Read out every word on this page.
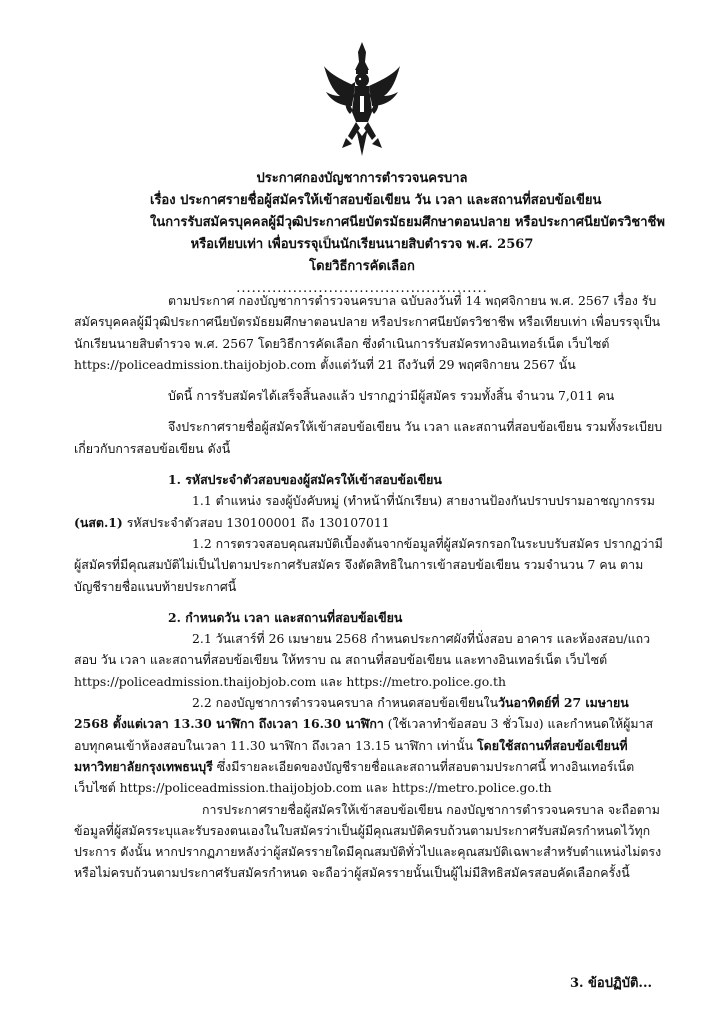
ประกาศกองบัญชาการตำรวจนครบาล
เรื่อง ประกาศรายชื่อผู้สมัครให้เข้าสอบข้อเขียน วัน เวลา และสถานที่สอบข้อเขียน
ในการรับสมัครบุคคลผู้มีวุฒิประกาศนียบัตรมัธยมศึกษาตอนปลาย หรือประกาศนียบัตรวิชาชีพ
หรือเทียบเท่า เพื่อบรรจุเป็นนักเรียนนายสิบตำรวจ พ.ศ. 2567
โดยวิธีการคัดเลือก
.................................................

ตามประกาศ กองบัญชาการตำรวจนครบาล ฉบับลงวันที่ 14 พฤศจิกายน พ.ศ. 2567 เรื่อง รับสมัครบุคคลผู้มีวุฒิประกาศนียบัตรมัธยมศึกษาตอนปลาย หรือประกาศนียบัตรวิชาชีพ หรือเทียบเท่า เพื่อบรรจุเป็นนักเรียนนายสิบตำรวจ พ.ศ. 2567 โดยวิธีการคัดเลือก ซึ่งดำเนินการรับสมัครทางอินเทอร์เน็ต เว็บไซต์ https://policeadmission.thaijobjob.com ตั้งแต่วันที่ 21 ถึงวันที่ 29 พฤศจิกายน 2567 นั้น

บัดนี้ การรับสมัครได้เสร็จสิ้นลงแล้ว ปรากฏว่ามีผู้สมัคร รวมทั้งสิ้น จำนวน 7,011 คน

จึงประกาศรายชื่อผู้สมัครให้เข้าสอบข้อเขียน วัน เวลา และสถานที่สอบข้อเขียน รวมทั้งระเบียบเกี่ยวกับการสอบข้อเขียน ดังนี้

1. รหัสประจำตัวสอบของผู้สมัครให้เข้าสอบข้อเขียน

1.1 ตำแหน่ง รองผู้บังคับหมู่ (ทำหน้าที่นักเรียน) สายงานป้องกันปราบปรามอาชญากรรม

(นสต.1) รหัสประจำตัวสอบ 130100001 ถึง 130107011

1.2 การตรวจสอบคุณสมบัติเบื้องต้นจากข้อมูลที่ผู้สมัครกรอกในระบบรับสมัคร ปรากฏว่ามีผู้สมัครที่มีคุณสมบัติไม่เป็นไปตามประกาศรับสมัคร จึงตัดสิทธิในการเข้าสอบข้อเขียน รวมจำนวน 7 คน ตามบัญชีรายชื่อแนบท้ายประกาศนี้

2. กำหนดวัน เวลา และสถานที่สอบข้อเขียน

2.1 วันเสาร์ที่ 26 เมษายน 2568 กำหนดประกาศผังที่นั่งสอบ อาคาร และห้องสอบ/แถวสอบ วัน เวลา และสถานที่สอบข้อเขียน ให้ทราบ ณ สถานที่สอบข้อเขียน และทางอินเทอร์เน็ต เว็บไซต์ https://policeadmission.thaijobjob.com และ https://metro.police.go.th

2.2 กองบัญชาการตำรวจนครบาล กำหนดสอบข้อเขียนในวันอาทิตย์ที่ 27 เมษายน 2568 ตั้งแต่เวลา 13.30 นาฬิกา ถึงเวลา 16.30 นาฬิกา (ใช้เวลาทำข้อสอบ 3 ชั่วโมง) และกำหนดให้ผู้มาสอบทุกคนเข้าห้องสอบในเวลา 11.30 นาฬิกา ถึงเวลา 13.15 นาฬิกา เท่านั้น โดยใช้สถานที่สอบข้อเขียนที่มหาวิทยาลัยกรุงเทพธนบุรี ซึ่งมีรายละเอียดของบัญชีรายชื่อและสถานที่สอบตามประกาศนี้ ทางอินเทอร์เน็ต เว็บไซต์ https://policeadmission.thaijobjob.com และ https://metro.police.go.th

การประกาศรายชื่อผู้สมัครให้เข้าสอบข้อเขียน กองบัญชาการตำรวจนครบาล จะถือตามข้อมูลที่ผู้สมัครระบุและรับรองตนเองในใบสมัครว่าเป็นผู้มีคุณสมบัติครบถ้วนตามประกาศรับสมัครกำหนดไว้ทุกประการ ดังนั้น หากปรากฏภายหลังว่าผู้สมัครรายใดมีคุณสมบัติทั่วไปและคุณสมบัติเฉพาะสำหรับตำแหน่งไม่ตรงหรือไม่ครบถ้วนตามประกาศรับสมัครกำหนด จะถือว่าผู้สมัครรายนั้นเป็นผู้ไม่มีสิทธิสมัครสอบคัดเลือกครั้งนี้

3. ข้อปฏิบัติ...
